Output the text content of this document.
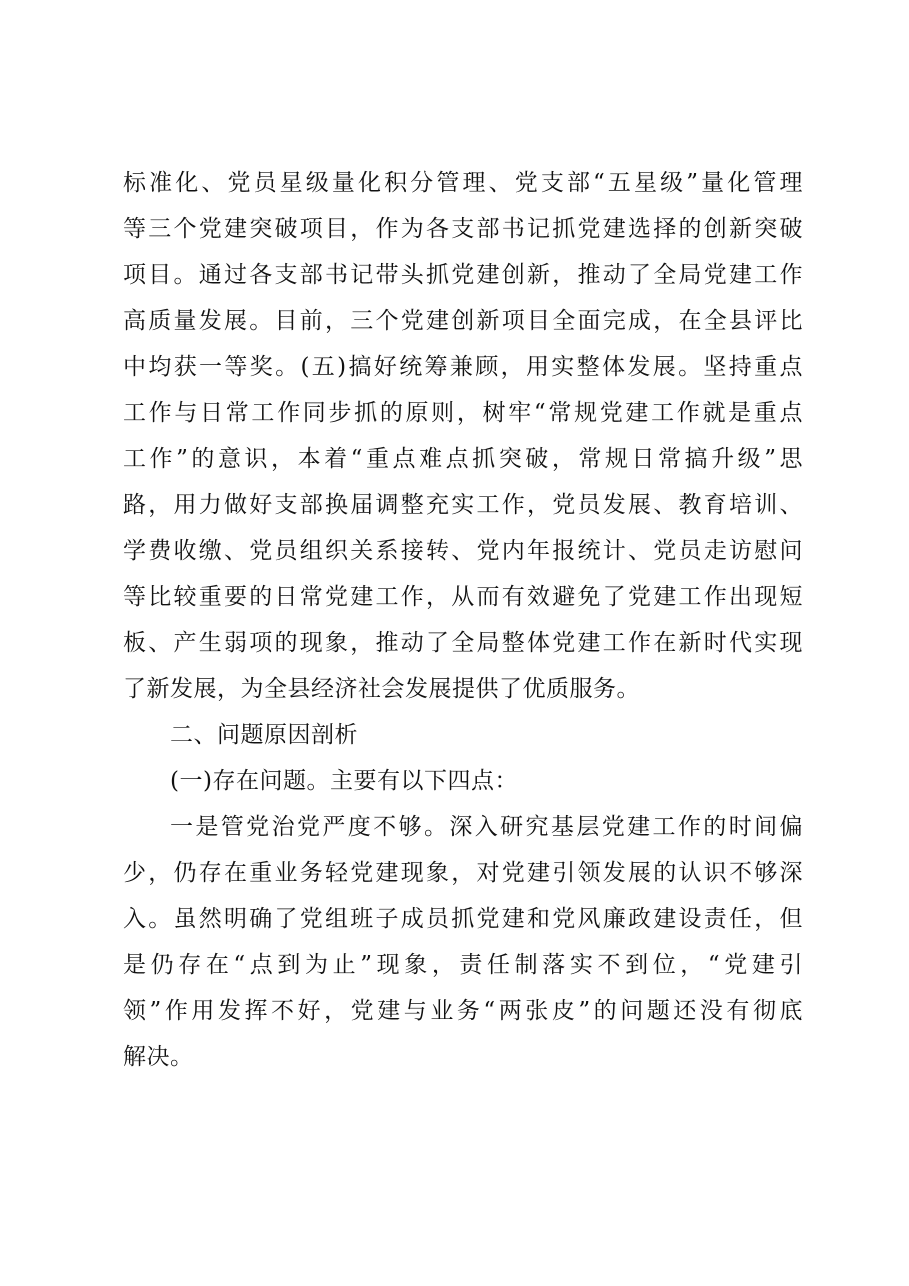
标准化、党员星级量化积分管理、党支部“五星级”量化管理
等三个党建突破项目，作为各支部书记抓党建选择的创新突破
项目。通过各支部书记带头抓党建创新，推动了全局党建工作
高质量发展。目前，三个党建创新项目全面完成，在全县评比
中均获一等奖。(五)搞好统筹兼顾，用实整体发展。坚持重点
工作与日常工作同步抓的原则，树牢“常规党建工作就是重点
工作”的意识，本着“重点难点抓突破，常规日常搞升级”思
路，用力做好支部换届调整充实工作，党员发展、教育培训、
学费收缴、党员组织关系接转、党内年报统计、党员走访慰问
等比较重要的日常党建工作，从而有效避免了党建工作出现短
板、产生弱项的现象，推动了全局整体党建工作在新时代实现
了新发展，为全县经济社会发展提供了优质服务。
二、问题原因剖析
(一)存在问题。主要有以下四点：
一是管党治党严度不够。深入研究基层党建工作的时间偏
少，仍存在重业务轻党建现象，对党建引领发展的认识不够深
入。虽然明确了党组班子成员抓党建和党风廉政建设责任，但
是仍存在“点到为止”现象，责任制落实不到位，“党建引
领”作用发挥不好，党建与业务“两张皮”的问题还没有彻底
解决。
